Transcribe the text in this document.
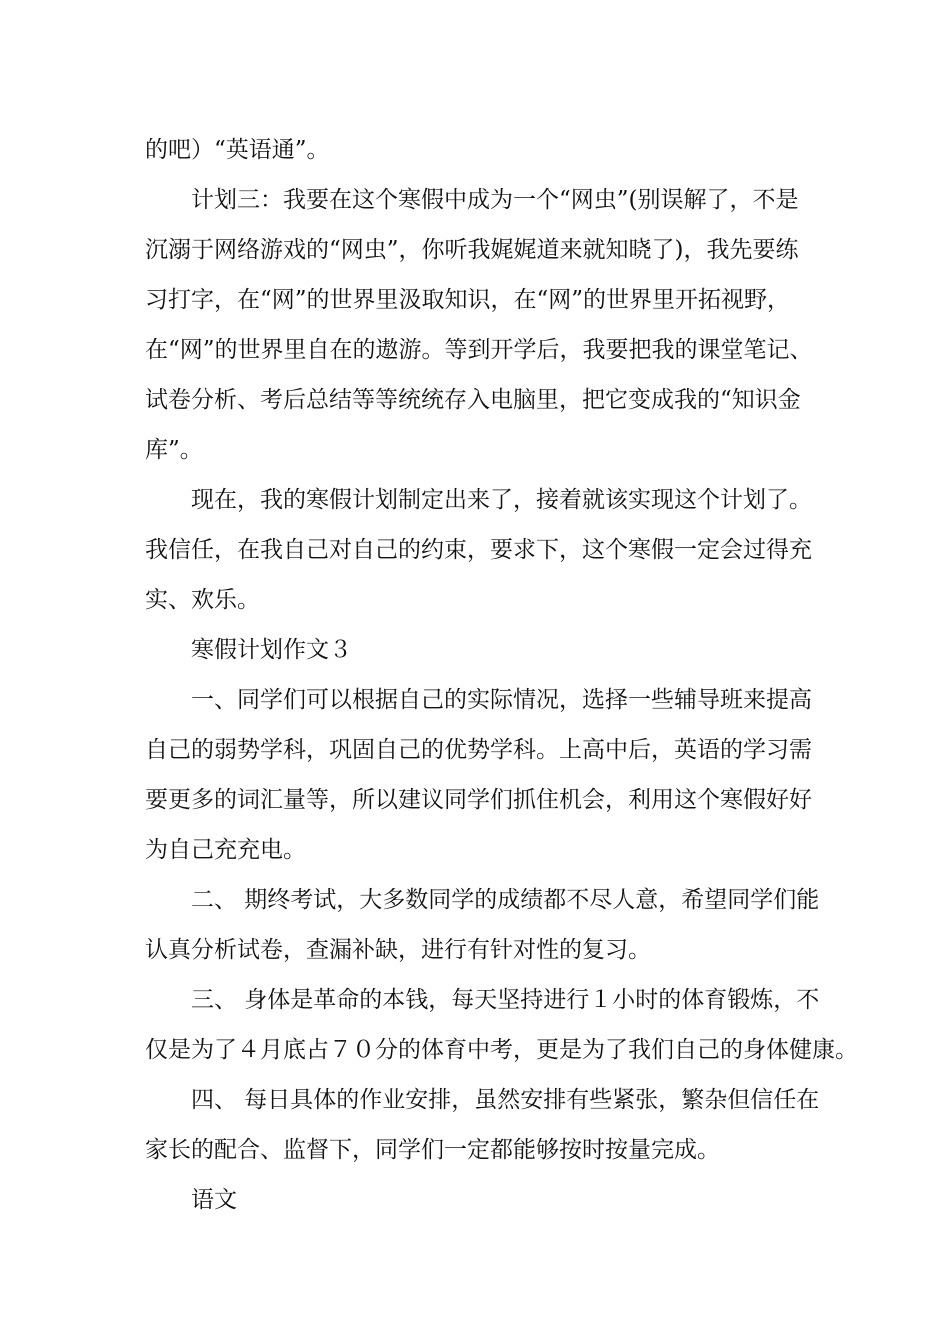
的吧）“英语通”。

计划三：我要在这个寒假中成为一个“网虫”(别误解了，不是

沉溺于网络游戏的“网虫”，你听我娓娓道来就知晓了)，我先要练

习打字，在“网”的世界里汲取知识，在“网”的世界里开拓视野，

在“网”的世界里自在的遨游。等到开学后，我要把我的课堂笔记、

试卷分析、考后总结等等统统存入电脑里，把它变成我的“知识金

库”。

现在，我的寒假计划制定出来了，接着就该实现这个计划了。

我信任，在我自己对自己的约束，要求下，这个寒假一定会过得充

实、欢乐。

寒假计划作文３

一、同学们可以根据自己的实际情况，选择一些辅导班来提高

自己的弱势学科，巩固自己的优势学科。上高中后，英语的学习需

要更多的词汇量等，所以建议同学们抓住机会，利用这个寒假好好

为自己充充电。

二、 期终考试，大多数同学的成绩都不尽人意，希望同学们能

认真分析试卷，查漏补缺，进行有针对性的复习。

三、 身体是革命的本钱，每天坚持进行１小时的体育锻炼，不

仅是为了４月底占７０分的体育中考，更是为了我们自己的身体健康。

四、 每日具体的作业安排，虽然安排有些紧张，繁杂但信任在

家长的配合、监督下，同学们一定都能够按时按量完成。

语文
